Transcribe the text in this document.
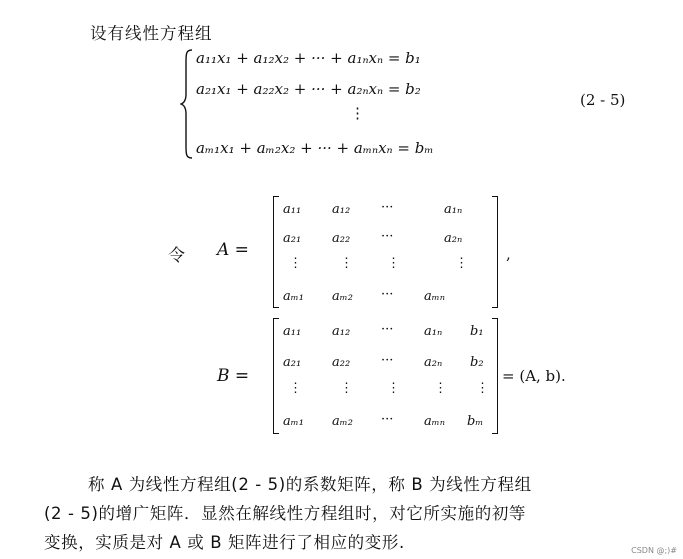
设有线性方程组
a₁₁x₁ + a₁₂x₂ + ··· + a₁ₙxₙ = b₁
a₂₁x₁ + a₂₂x₂ + ··· + a₂ₙxₙ = b₂
⋮
aₘ₁x₁ + aₘ₂x₂ + ··· + aₘₙxₙ = bₘ
(2 - 5)
令 A =	,
a₁₁ a₁₂ ···	a₁ₙ
a₂₁ a₂₂ ···	a₂ₙ
⋮	⋮	⋮	⋮
aₘ₁ aₘ₂ ··· aₘₙ
B =	= (A, b).
a₁₁ a₁₂ ··· a₁ₙ b₁
a₂₁ a₂₂ ··· a₂ₙ b₂
⋮	⋮	⋮	⋮ ⋮
aₘ₁ aₘ₂ ··· aₘₙ bₘ
称 A 为线性方程组(2 - 5)的系数矩阵，称 B 为线性方程组
(2 - 5)的增广矩阵．显然在解线性方程组时，对它所实施的初等
变换，实质是对 A 或 B 矩阵进行了相应的变形.	CSDN @;)#
